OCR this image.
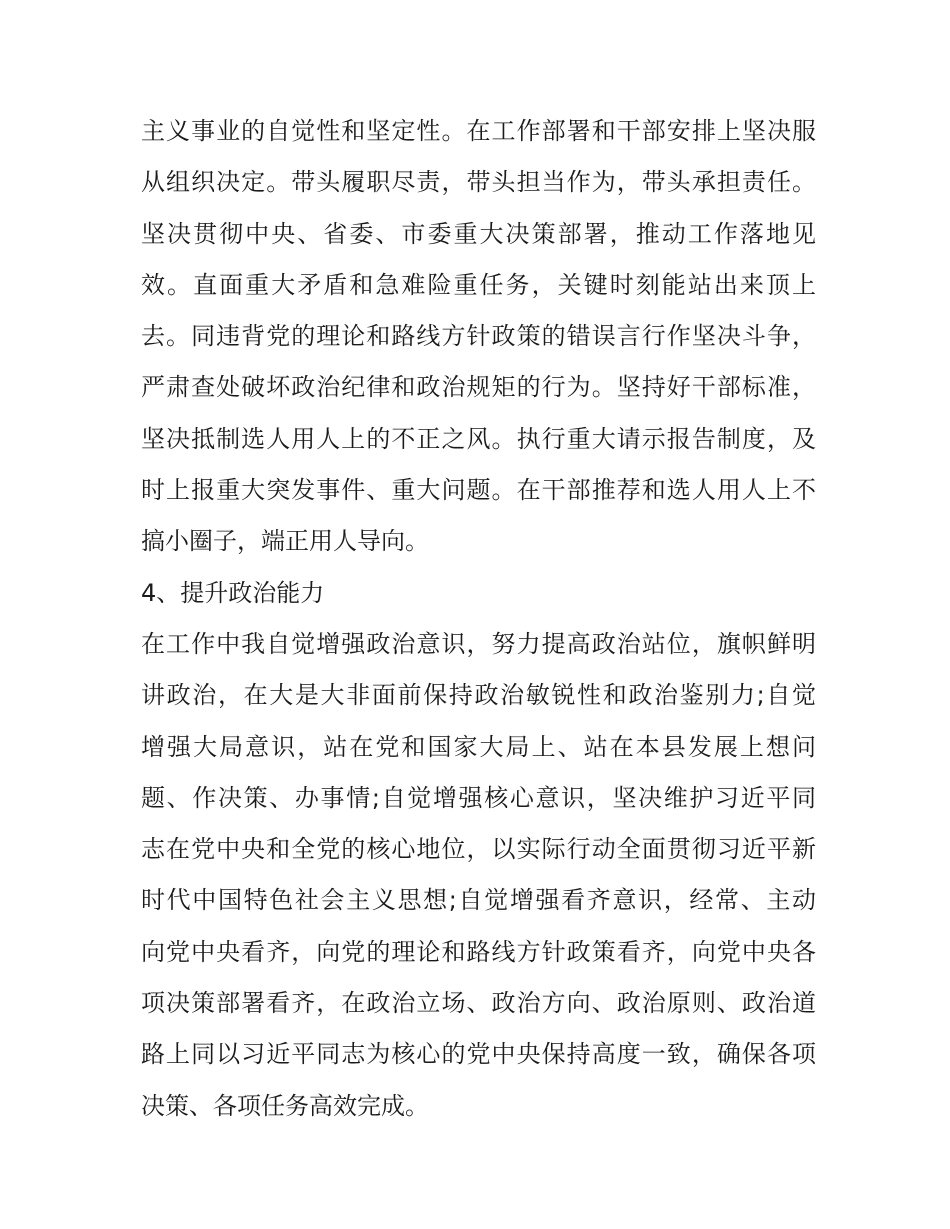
主义事业的自觉性和坚定性。在工作部署和干部安排上坚决服
从组织决定。带头履职尽责，带头担当作为，带头承担责任。
坚决贯彻中央、省委、市委重大决策部署，推动工作落地见
效。直面重大矛盾和急难险重任务，关键时刻能站出来顶上
去。同违背党的理论和路线方针政策的错误言行作坚决斗争，
严肃查处破坏政治纪律和政治规矩的行为。坚持好干部标准，
坚决抵制选人用人上的不正之风。执行重大请示报告制度，及
时上报重大突发事件、重大问题。在干部推荐和选人用人上不
搞小圈子，端正用人导向。
4、提升政治能力
在工作中我自觉增强政治意识，努力提高政治站位，旗帜鲜明
讲政治，在大是大非面前保持政治敏锐性和政治鉴别力;自觉
增强大局意识，站在党和国家大局上、站在本县发展上想问
题、作决策、办事情;自觉增强核心意识，坚决维护习近平同
志在党中央和全党的核心地位，以实际行动全面贯彻习近平新
时代中国特色社会主义思想;自觉增强看齐意识，经常、主动
向党中央看齐，向党的理论和路线方针政策看齐，向党中央各
项决策部署看齐，在政治立场、政治方向、政治原则、政治道
路上同以习近平同志为核心的党中央保持高度一致，确保各项
决策、各项任务高效完成。
